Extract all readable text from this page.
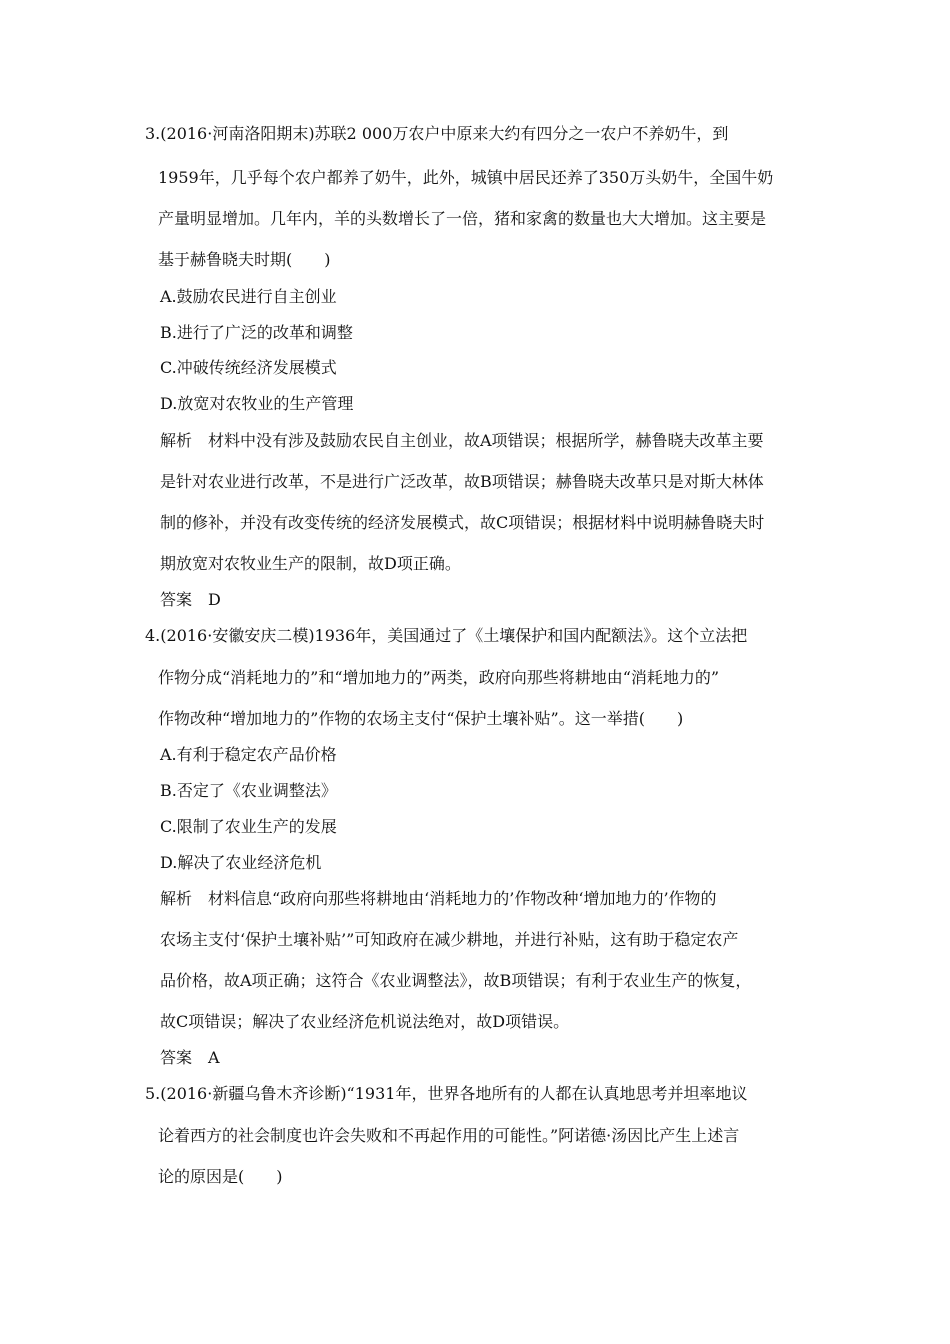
3.(2016·河南洛阳期末)苏联2 000万农户中原来大约有四分之一农户不养奶牛，到
1959年，几乎每个农户都养了奶牛，此外，城镇中居民还养了350万头奶牛，全国牛奶
产量明显增加。几年内，羊的头数增长了一倍，猪和家禽的数量也大大增加。这主要是
基于赫鲁晓夫时期(　　)
A.鼓励农民进行自主创业
B.进行了广泛的改革和调整
C.冲破传统经济发展模式
D.放宽对农牧业的生产管理
解析　材料中没有涉及鼓励农民自主创业，故A项错误；根据所学，赫鲁晓夫改革主要
是针对农业进行改革，不是进行广泛改革，故B项错误；赫鲁晓夫改革只是对斯大林体
制的修补，并没有改变传统的经济发展模式，故C项错误；根据材料中说明赫鲁晓夫时
期放宽对农牧业生产的限制，故D项正确。
答案　D
4.(2016·安徽安庆二模)1936年，美国通过了《土壤保护和国内配额法》。这个立法把
作物分成“消耗地力的”和“增加地力的”两类，政府向那些将耕地由“消耗地力的”
作物改种“增加地力的”作物的农场主支付“保护土壤补贴”。这一举措(　　)
A.有利于稳定农产品价格
B.否定了《农业调整法》
C.限制了农业生产的发展
D.解决了农业经济危机
解析　材料信息“政府向那些将耕地由‘消耗地力的’作物改种‘增加地力的’作物的
农场主支付‘保护土壤补贴’”可知政府在减少耕地，并进行补贴，这有助于稳定农产
品价格，故A项正确；这符合《农业调整法》，故B项错误；有利于农业生产的恢复，
故C项错误；解决了农业经济危机说法绝对，故D项错误。
答案　A
5.(2016·新疆乌鲁木齐诊断)“1931年，世界各地所有的人都在认真地思考并坦率地议
论着西方的社会制度也许会失败和不再起作用的可能性。”阿诺德·汤因比产生上述言
论的原因是(　　)
